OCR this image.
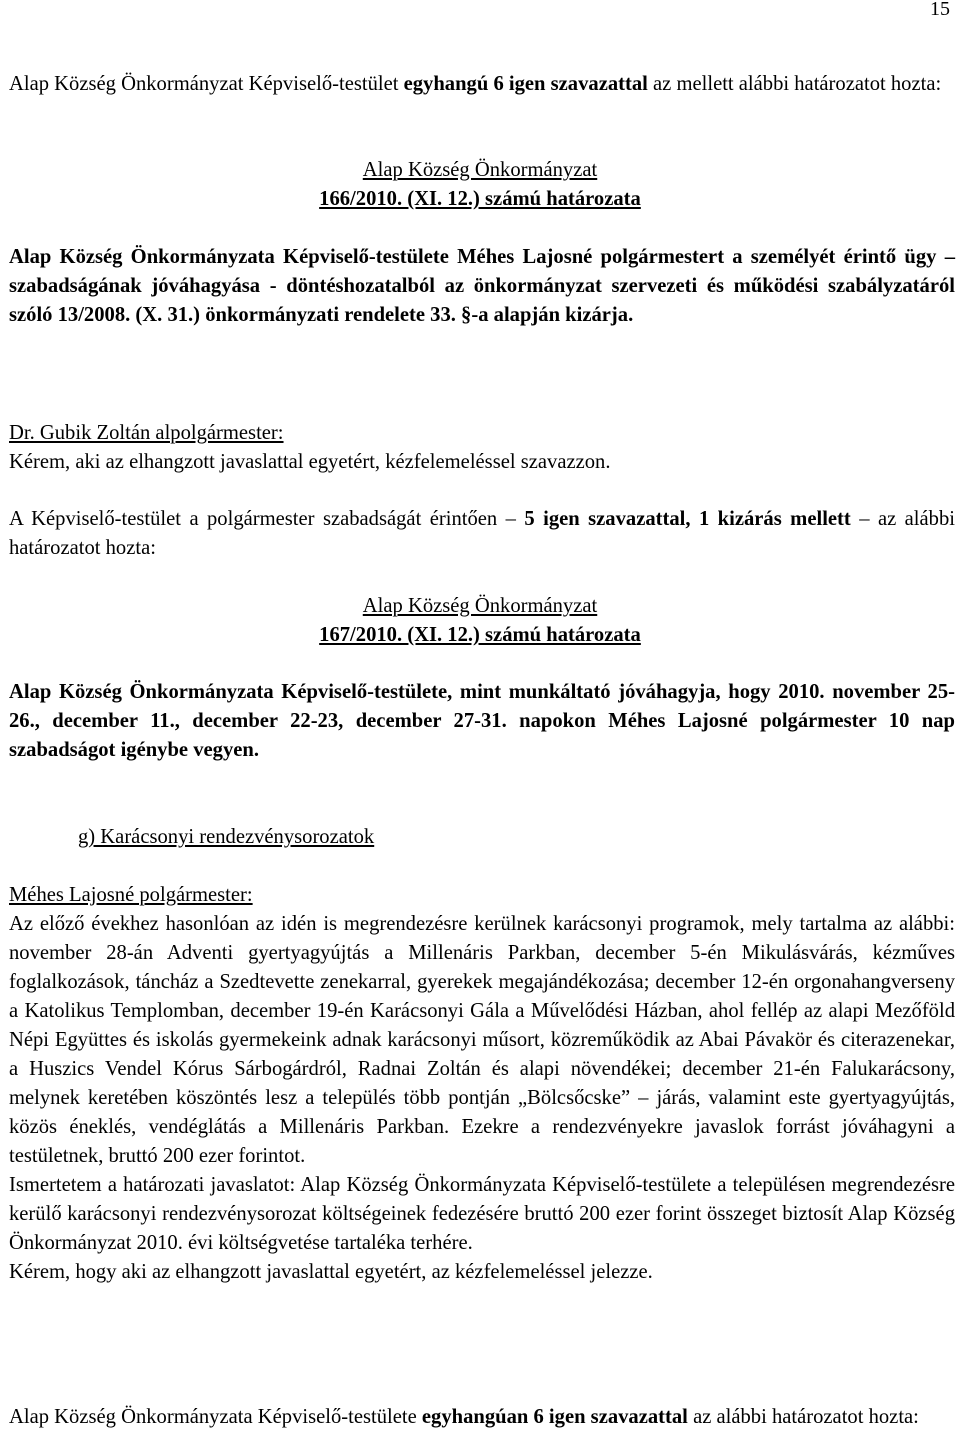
15
Alap Község Önkormányzat Képviselő-testület egyhangú 6 igen szavazattal az mellett alábbi határozatot hozta:
Alap Község Önkormányzat
166/2010. (XI. 12.) számú határozata
Alap Község Önkormányzata Képviselő-testülete Méhes Lajosné polgármestert a személyét érintő ügy – szabadságának jóváhagyása - döntéshozatalból az önkormányzat szervezeti és működési szabályzatáról szóló 13/2008. (X. 31.) önkormányzati rendelete 33. §-a alapján kizárja.
Dr. Gubik Zoltán alpolgármester:
Kérem, aki az elhangzott javaslattal egyetért, kézfelemeléssel szavazzon.
A Képviselő-testület a polgármester szabadságát érintően – 5 igen szavazattal, 1 kizárás mellett – az alábbi határozatot hozta:
Alap Község Önkormányzat
167/2010. (XI. 12.) számú határozata
Alap Község Önkormányzata Képviselő-testülete, mint munkáltató jóváhagyja, hogy 2010. november 25-26., december 11., december 22-23, december 27-31. napokon Méhes Lajosné polgármester 10 nap szabadságot igénybe vegyen.
g) Karácsonyi rendezvénysorozatok
Méhes Lajosné polgármester:
Az előző évekhez hasonlóan az idén is megrendezésre kerülnek karácsonyi programok, mely tartalma az alábbi: november 28-án Adventi gyertyagyújtás a Millenáris Parkban, december 5-én Mikulásvárás, kézműves foglalkozások, táncház a Szedtevette zenekarral, gyerekek megajándékozása; december 12-én orgonahangverseny a Katolikus Templomban, december 19-én Karácsonyi Gála a Művelődési Házban, ahol fellép az alapi Mezőföld Népi Együttes és iskolás gyermekeink adnak karácsonyi műsort, közreműködik az Abai Pávakör és citerazenekar, a Huszics Vendel Kórus Sárbogárdról, Radnai Zoltán és alapi növendékei; december 21-én Falukarácsony, melynek keretében köszöntés lesz a település több pontján „Bölcsőcske” – járás, valamint este gyertyagyújtás, közös éneklés, vendéglátás a Millenáris Parkban. Ezekre a rendezvényekre javaslok forrást jóváhagyni a testületnek, bruttó 200 ezer forintot.
Ismertetem a határozati javaslatot: Alap Község Önkormányzata Képviselő-testülete a településen megrendezésre kerülő karácsonyi rendezvénysorozat költségeinek fedezésére bruttó 200 ezer forint összeget biztosít Alap Község Önkormányzat 2010. évi költségvetése tartaléka terhére.
Kérem, hogy aki az elhangzott javaslattal egyetért, az kézfelemeléssel jelezze.
Alap Község Önkormányzata Képviselő-testülete egyhangúan 6 igen szavazattal az alábbi határozatot hozta:
